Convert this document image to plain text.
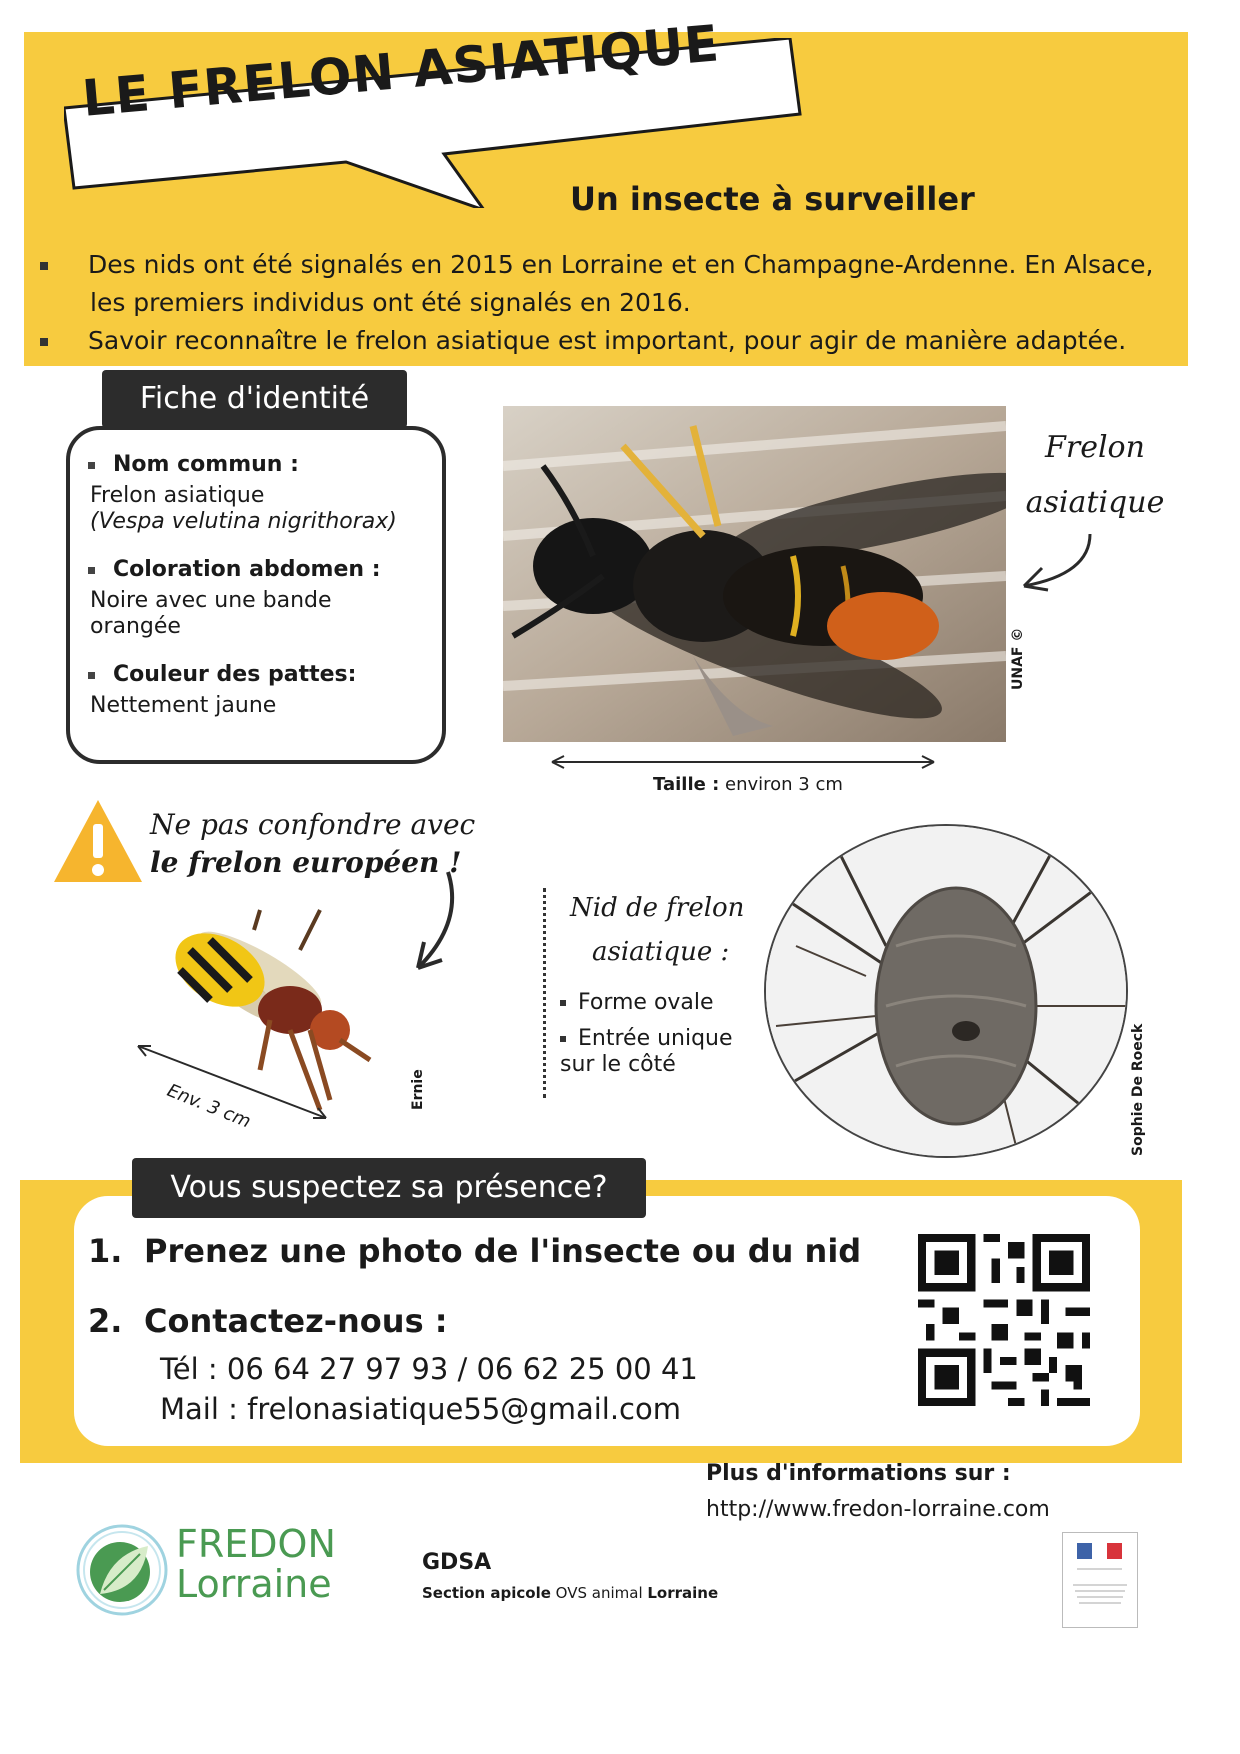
LE FRELON ASIATIQUE
Un insecte à surveiller
Des nids ont été signalés en 2015 en Lorraine et en Champagne-Ardenne. En Alsace,
les premiers individus ont été signalés en 2016.
Savoir reconnaître le frelon asiatique est important, pour agir de manière adaptée.
Nom commun :
Frelon asiatique
(Vespa velutina nigrithorax)
Coloration abdomen :
Noire avec une bande
orangée
Couleur des pattes:
Nettement jaune
Fiche d'identité
UNAF ©
Frelon
asiatique
Taille : environ 3 cm
Ne pas confondre avec
le frelon européen !
Env. 3 cm	Ernie
Nid de frelon
asiatique :
Forme ovale
Entrée unique
sur le côté	Sophie De Roeck
Vous suspectez sa présence?
1. Prenez une photo de l'insecte ou du nid
2. Contactez-nous :
Tél : 06 64 27 97 93 / 06 62 25 00 41
Mail : frelonasiatique55@gmail.com
Plus d'informations sur :
http://www.fredon-lorraine.com
FREDON
Lorraine	GDSA
Section apicole OVS animal Lorraine
